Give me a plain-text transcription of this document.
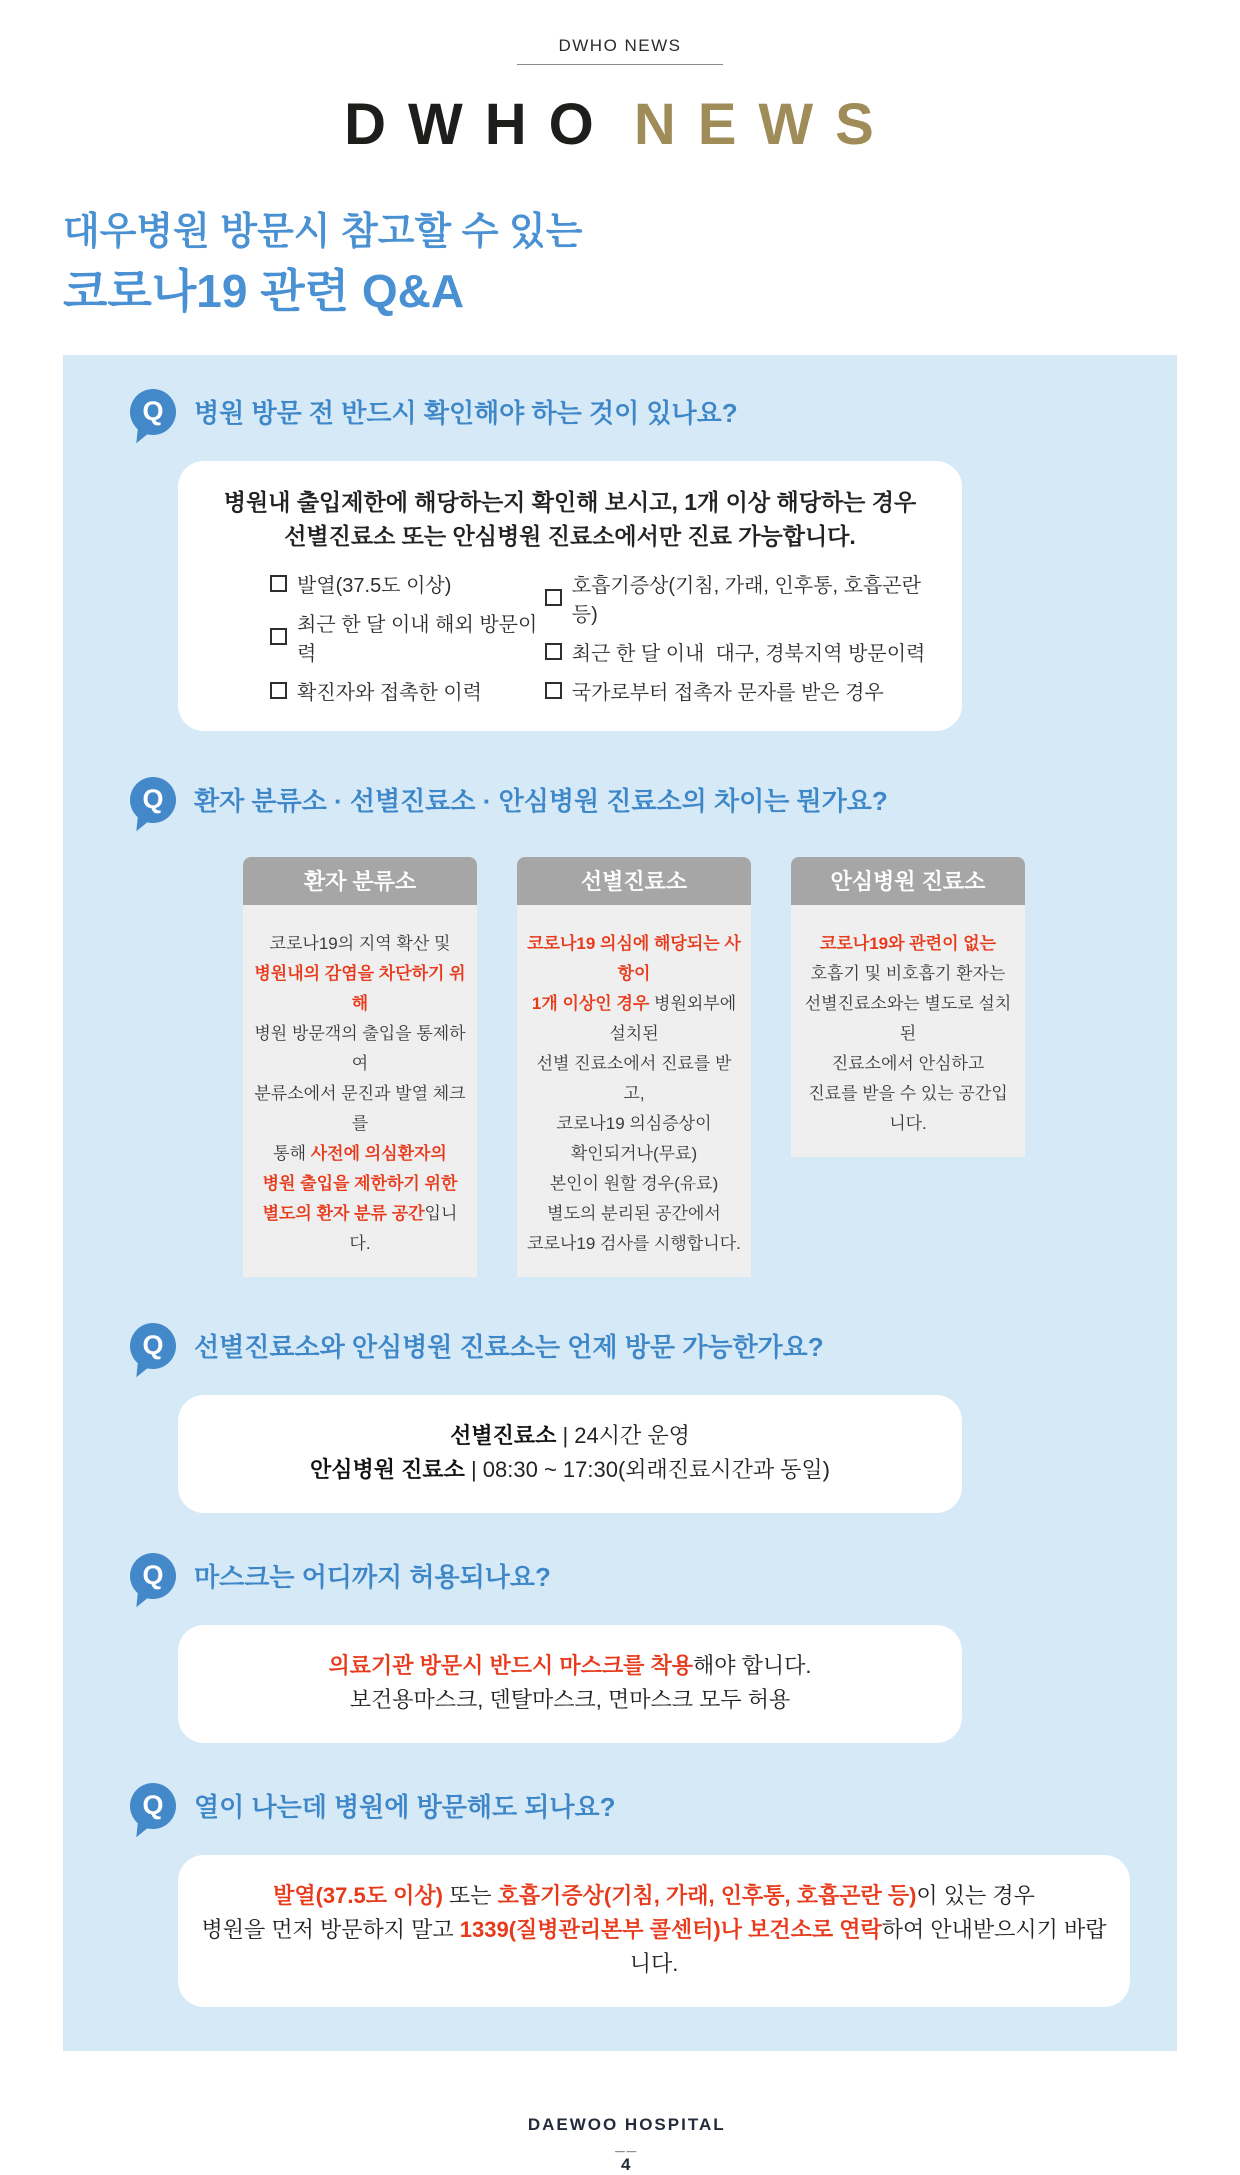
DWHO NEWS
DWHO NEWS
대우병원 방문시 참고할 수 있는
코로나19 관련 Q&A
Q	병원 방문 전 반드시 확인해야 하는 것이 있나요?
병원내 출입제한에 해당하는지 확인해 보시고, 1개 이상 해당하는 경우
선별진료소 또는 안심병원 진료소에서만 진료 가능합니다.
발열(37.5도 이상)
최근 한 달 이내 해외 방문이력
확진자와 접촉한 이력
호흡기증상(기침, 가래, 인후통, 호흡곤란 등)
최근 한 달 이내  대구, 경북지역 방문이력
국가로부터 접촉자 문자를 받은 경우
Q	환자 분류소 · 선별진료소 · 안심병원 진료소의 차이는 뭔가요?
환자 분류소
코로나19의 지역 확산 및
병원내의 감염을 차단하기 위해
병원 방문객의 출입을 통제하여
분류소에서 문진과 발열 체크를
통해 사전에 의심환자의
병원 출입을 제한하기 위한
별도의 환자 분류 공간입니다.
선별진료소
코로나19 의심에 해당되는 사항이
1개 이상인 경우 병원외부에 설치된
선별 진료소에서 진료를 받고,
코로나19 의심증상이
확인되거나(무료)
본인이 원할 경우(유료)
별도의 분리된 공간에서
코로나19 검사를 시행합니다.
안심병원 진료소
코로나19와 관련이 없는
호흡기 및 비호흡기 환자는
선별진료소와는 별도로 설치 된
진료소에서 안심하고
진료를 받을 수 있는 공간입니다.
Q	선별진료소와 안심병원 진료소는 언제 방문 가능한가요?
선별진료소 | 24시간 운영
안심병원 진료소 | 08:30 ~ 17:30(외래진료시간과 동일)
Q	마스크는 어디까지 허용되나요?
의료기관 방문시 반드시 마스크를 착용해야 합니다.
보건용마스크, 덴탈마스크, 면마스크 모두 허용
Q	열이 나는데 병원에 방문해도 되나요?
발열(37.5도 이상) 또는 호흡기증상(기침, 가래, 인후통, 호흡곤란 등)이 있는 경우
병원을 먼저 방문하지 말고 1339(질병관리본부 콜센터)나 보건소로 연락하여 안내받으시기 바랍니다.

DAEWOO HOSPITAL
__
4
